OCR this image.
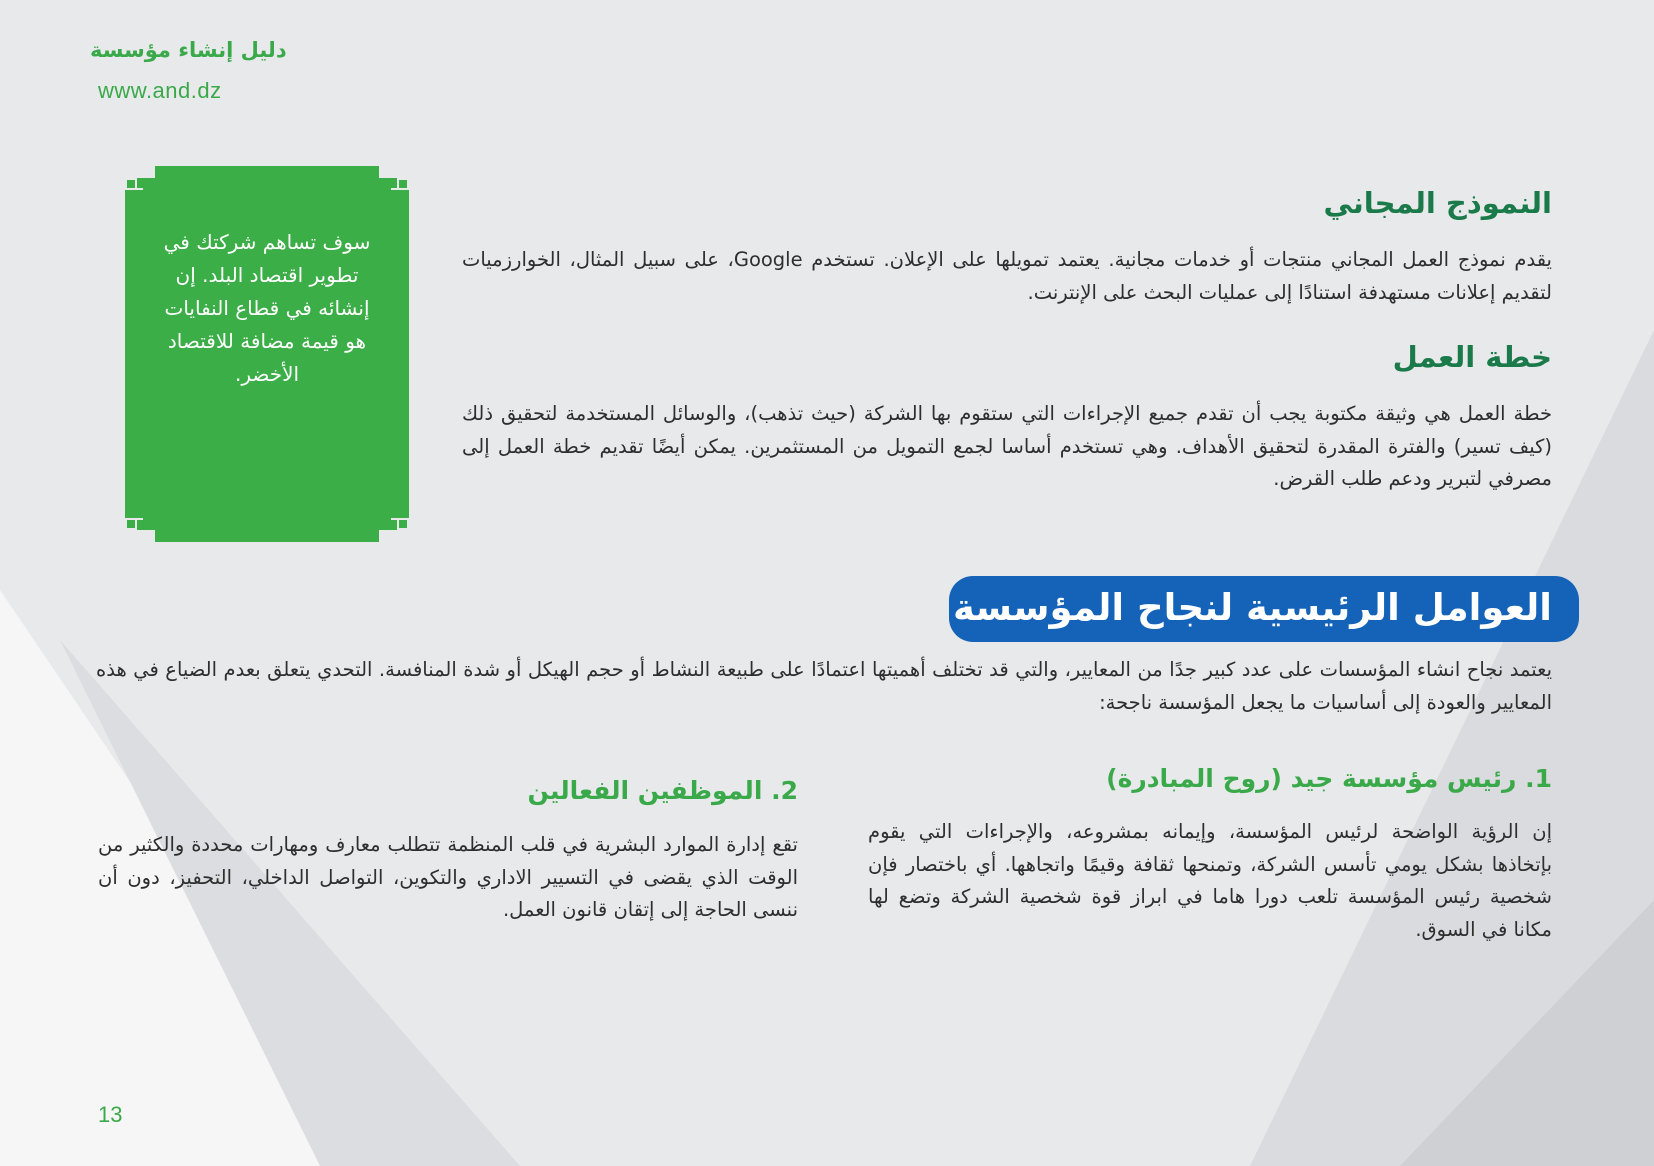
دليل إنشاء مؤسسة
www.and.dz
سوف تساهم شركتك في تطوير اقتصاد البلد. إن إنشائه في قطاع النفايات هو قيمة مضافة للاقتصاد الأخضر.
النموذج المجاني
يقدم نموذج العمل المجاني منتجات أو خدمات مجانية. يعتمد تمويلها على الإعلان. تستخدم Google، على سبيل المثال، الخوارزميات لتقديم إعلانات مستهدفة استنادًا إلى عمليات البحث على الإنترنت.
خطة العمل
خطة العمل هي وثيقة مكتوبة يجب أن تقدم جميع الإجراءات التي ستقوم بها الشركة (حيث تذهب)، والوسائل المستخدمة لتحقيق ذلك (كيف تسير) والفترة المقدرة لتحقيق الأهداف. وهي تستخدم أساسا لجمع التمويل من المستثمرين. يمكن أيضًا تقديم خطة العمل إلى مصرفي لتبرير ودعم طلب القرض.
العوامل الرئيسية لنجاح المؤسسة
يعتمد نجاح انشاء المؤسسات على عدد كبير جدًا من المعايير، والتي قد تختلف أهميتها اعتمادًا على طبيعة النشاط أو حجم الهيكل أو شدة المنافسة. التحدي يتعلق بعدم الضياع في هذه المعايير والعودة إلى أساسيات ما يجعل المؤسسة ناجحة:
1. رئيس مؤسسة جيد (روح المبادرة)
إن الرؤية الواضحة لرئيس المؤسسة، وإيمانه بمشروعه، والإجراءات التي يقوم بإتخاذها بشكل يومي تأسس الشركة، وتمنحها ثقافة وقيمًا واتجاهها. أي باختصار فإن شخصية رئيس المؤسسة تلعب دورا هاما في ابراز قوة شخصية الشركة وتضع لها مكانا في السوق.
2. الموظفين الفعالين
تقع إدارة الموارد البشرية في قلب المنظمة تتطلب معارف ومهارات محددة والكثير من الوقت الذي يقضى في التسيير الاداري والتكوين، التواصل الداخلي، التحفيز، دون أن ننسى الحاجة إلى إتقان قانون العمل.
13
